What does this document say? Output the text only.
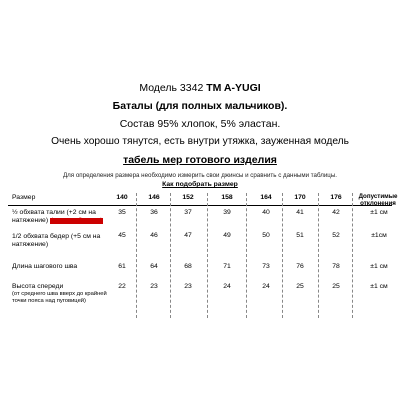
Модель 3342 TM A-YUGI
Баталы (для полных мальчиков).
Состав 95% хлопок, 5% эластан.
Очень хорошо тянутся, есть внутри утяжка, зауженная модель
табель мер готового изделия
Для определения размера необходимо измерить свои джинсы и сравнить с данными таблицы.
Как подобрать размер
Размер	140	146	152	158	164	170	176	Допустимые отклонения
½ обхвата талии (+2 см на натяжение) (по нижней мерке)
35	36	37	39	40	41	42	±1 см
1/2 обхвата бедер (+5 см на натяжение)
45	46	47	49	50	51	52	±1см
Длина шагового шва	61	64	68	71	73	76	78	±1 см
Высота спереди
(от среднего шва вверх до крайней точки пояса над пуговицей)
22	23	23	24	24	25	25	±1 см
